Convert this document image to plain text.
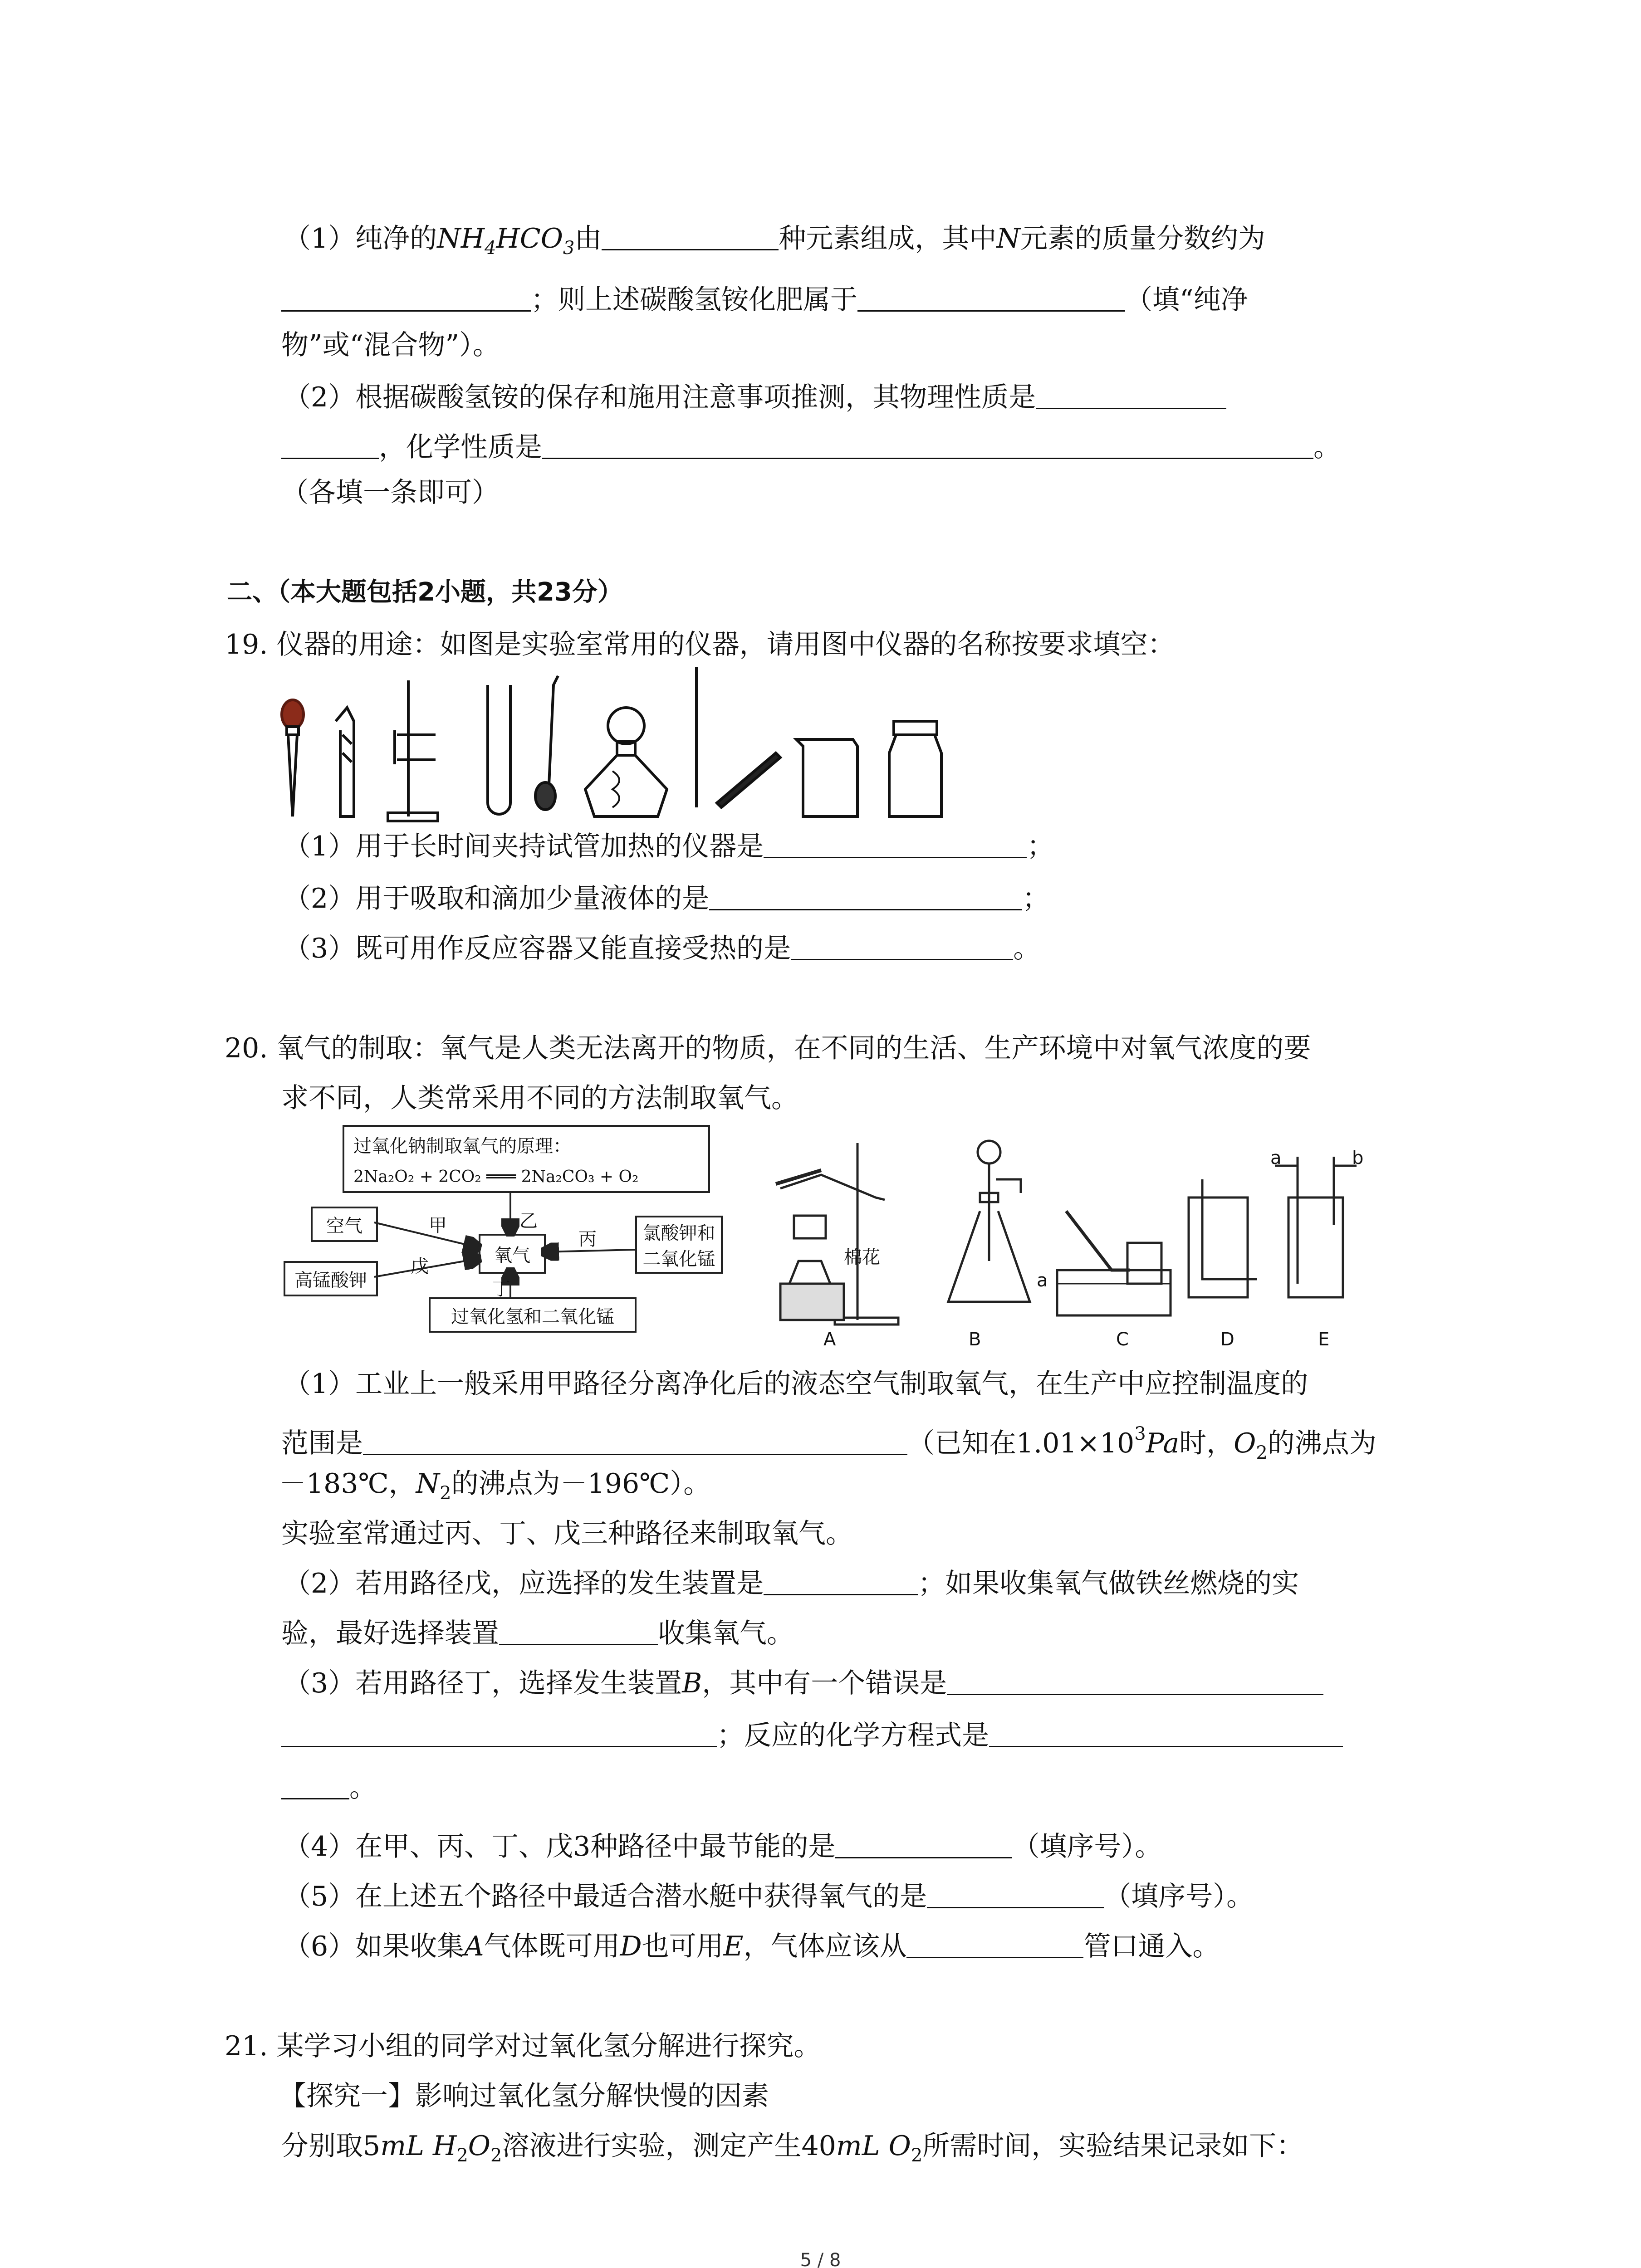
（1）纯净的$NH_4HCO_3$由	种元素组成，其中N元素的质量分数约为
；则上述碳酸氢铵化肥属于	（填“纯净
物”或“混合物”）。
（2）根据碳酸氢铵的保存和施用注意事项推测，其物理性质是
，化学性质是	。
（各填一条即可）
二、（本大题包括2小题，共23分）
19. 仪器的用途：如图是实验室常用的仪器，请用图中仪器的名称按要求填空：
（1）用于长时间夹持试管加热的仪器是	；
（2）用于吸取和滴加少量液体的是	；
（3）既可用作反应容器又能直接受热的是	。
20. 氧气的制取：氧气是人类无法离开的物质，在不同的生活、生产环境中对氧气浓度的要
求不同，人类常采用不同的方法制取氧气。
过氧化钠制取氧气的原理：
2Na₂O₂ + 2CO₂ ═══ 2Na₂CO₃ + O₂
空气
高锰酸钾
氧气
氯酸钾和
二氧化锰
过氧化氢和二氧化锰
甲
戊
乙
丙
丁
棉花
a
a	b
A	B	C	D	E
（1）工业上一般采用甲路径分离净化后的液态空气制取氧气，在生产中应控制温度的
范围是	（已知在$1.01\times 10^3Pa$时，$O_2$的沸点为
－183℃，$N_2$的沸点为－196℃）。
实验室常通过丙、丁、戊三种路径来制取氧气。
（2）若用路径戊，应选择的发生装置是	；如果收集氧气做铁丝燃烧的实
验，最好选择装置	收集氧气。
（3）若用路径丁，选择发生装置B，其中有一个错误是
；反应的化学方程式是
。
（4）在甲、丙、丁、戊3种路径中最节能的是	（填序号）。
（5）在上述五个路径中最适合潜水艇中获得氧气的是	（填序号）。
（6）如果收集A气体既可用D也可用E，气体应该从	管口通入。
21. 某学习小组的同学对过氧化氢分解进行探究。
【探究一】影响过氧化氢分解快慢的因素
分别取5mL $H_2O_2$溶液进行实验，测定产生40mL $O_2$所需时间，实验结果记录如下：
5 / 8
